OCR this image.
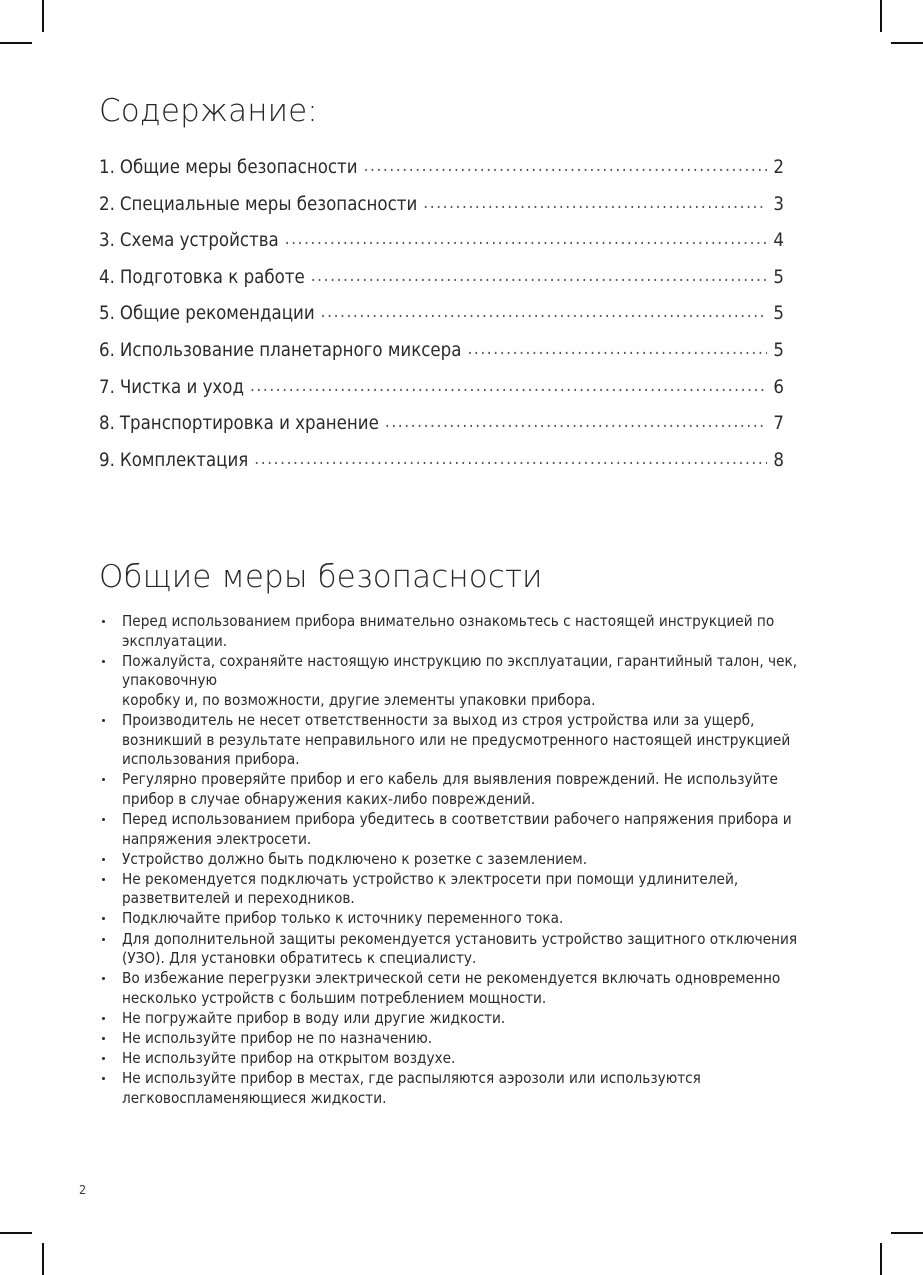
Содержание:
1. Общие меры безопасности .....	2
2. Специальные меры безопасности .....	3
3. Схема устройства .....	4
4. Подготовка к работе .....	5
5. Общие рекомендации .....	5
6. Использование планетарного миксера .....	5
7. Чистка и уход .....	6
8. Транспортировка и хранение .....	7
9. Комплектация .....	8
Общие меры безопасности
Перед использованием прибора внимательно ознакомьтесь с настоящей инструкцией по эксплуатации.
Пожалуйста, сохраняйте настоящую инструкцию по эксплуатации, гарантийный талон, чек, упаковочную
коробку и, по возможности, другие элементы упаковки прибора.
Производитель не несет ответственности за выход из строя устройства или за ущерб, возникший в результате неправильного или не предусмотренного настоящей инструкцией использования прибора.
Регулярно проверяйте прибор и его кабель для выявления повреждений. Не используйте прибор в случае обнаружения каких-либо повреждений.
Перед использованием прибора убедитесь в соответствии рабочего напряжения прибора и напряжения электросети.
Устройство должно быть подключено к розетке с заземлением.
Не рекомендуется подключать устройство к электросети при помощи удлинителей, разветвителей и переходников.
Подключайте прибор только к источнику переменного тока.
Для дополнительной защиты рекомендуется установить устройство защитного отключения (УЗО). Для установки обратитесь к специалисту.
Во избежание перегрузки электрической сети не рекомендуется включать одновременно несколько устройств с большим потреблением мощности.
Не погружайте прибор в воду или другие жидкости.
Не используйте прибор не по назначению.
Не используйте прибор на открытом воздухе.
Не используйте прибор в местах, где распыляются аэрозоли или используются легковоспламеняющиеся жидкости.
2
